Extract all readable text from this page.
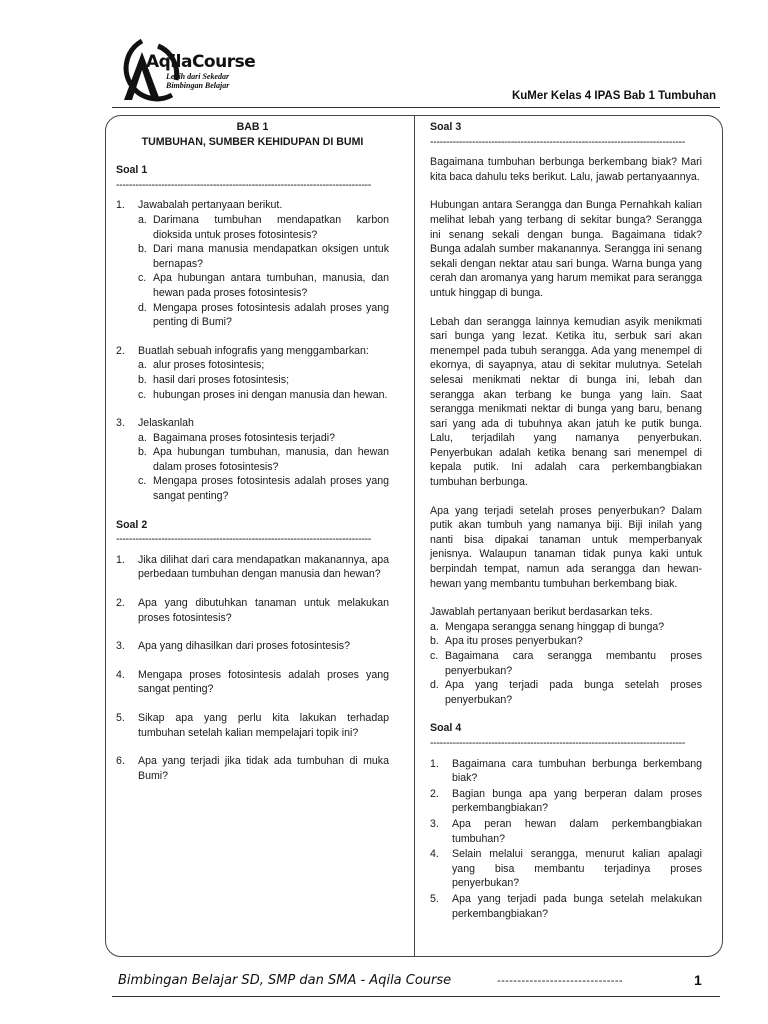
AqilaCourse
Lebih dari Sekedar
Bimbingan Belajar
KuMer Kelas 4 IPAS Bab 1 Tumbuhan
BAB 1
TUMBUHAN, SUMBER KEHIDUPAN DI BUMI
Soal 1
-------------------------------------------------------------------------------
1. Jawabalah pertanyaan berikut.
a. Darimana tumbuhan mendapatkan karbon dioksida untuk proses fotosintesis?
b. Dari mana manusia mendapatkan oksigen untuk bernapas?
c. Apa hubungan antara tumbuhan, manusia, dan hewan pada proses fotosintesis?
d. Mengapa proses fotosintesis adalah proses yang penting di Bumi?
2. Buatlah sebuah infografis yang menggambarkan:
a. alur proses fotosintesis;
b. hasil dari proses fotosintesis;
c. hubungan proses ini dengan manusia dan hewan.
3. Jelaskanlah
a. Bagaimana proses fotosintesis terjadi?
b. Apa hubungan tumbuhan, manusia, dan hewan dalam proses fotosintesis?
c. Mengapa proses fotosintesis adalah proses yang sangat penting?
Soal 2
-------------------------------------------------------------------------------
1. Jika dilihat dari cara mendapatkan makanannya, apa perbedaan tumbuhan dengan manusia dan hewan?
2. Apa yang dibutuhkan tanaman untuk melakukan proses fotosintesis?
3. Apa yang dihasilkan dari proses fotosintesis?
4. Mengapa proses fotosintesis adalah proses yang sangat penting?
5. Sikap apa yang perlu kita lakukan terhadap tumbuhan setelah kalian mempelajari topik ini?
6. Apa yang terjadi jika tidak ada tumbuhan di muka Bumi?
Soal 3
-------------------------------------------------------------------------------
Bagaimana tumbuhan berbunga berkembang biak? Mari kita baca dahulu teks berikut. Lalu, jawab pertanyaannya.
Hubungan antara Serangga dan Bunga Pernahkah kalian melihat lebah yang terbang di sekitar bunga? Serangga ini senang sekali dengan bunga. Bagaimana tidak? Bunga adalah sumber makanannya. Serangga ini senang sekali dengan nektar atau sari bunga. Warna bunga yang cerah dan aromanya yang harum memikat para serangga untuk hinggap di bunga.
Lebah dan serangga lainnya kemudian asyik menikmati sari bunga yang lezat. Ketika itu, serbuk sari akan menempel pada tubuh serangga. Ada yang menempel di ekornya, di sayapnya, atau di sekitar mulutnya. Setelah selesai menikmati nektar di bunga ini, lebah dan serangga akan terbang ke bunga yang lain. Saat serangga menikmati nektar di bunga yang baru, benang sari yang ada di tubuhnya akan jatuh ke putik bunga. Lalu, terjadilah yang namanya penyerbukan. Penyerbukan adalah ketika benang sari menempel di kepala putik. Ini adalah cara perkembangbiakan tumbuhan berbunga.
Apa yang terjadi setelah proses penyerbukan? Dalam putik akan tumbuh yang namanya biji. Biji inilah yang nanti bisa dipakai tanaman untuk memperbanyak jenisnya. Walaupun tanaman tidak punya kaki untuk berpindah tempat, namun ada serangga dan hewan-hewan yang membantu tumbuhan berkembang biak.
Jawablah pertanyaan berikut berdasarkan teks.
a. Mengapa serangga senang hinggap di bunga?
b. Apa itu proses penyerbukan?
c. Bagaimana cara serangga membantu proses penyerbukan?
d. Apa yang terjadi pada bunga setelah proses penyerbukan?
Soal 4
-------------------------------------------------------------------------------
1. Bagaimana cara tumbuhan berbunga berkembang biak?
2. Bagian bunga apa yang berperan dalam proses perkembangbiakan?
3. Apa peran hewan dalam perkembangbiakan tumbuhan?
4. Selain melalui serangga, menurut kalian apalagi yang bisa membantu terjadinya proses penyerbukan?
5. Apa yang terjadi pada bunga setelah melakukan perkembangbiakan?
Bimbingan Belajar SD, SMP dan SMA - Aqila Course	-------------------------------	1
